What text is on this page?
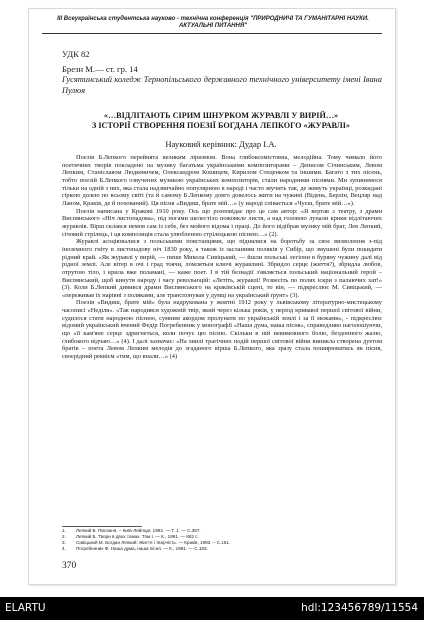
ІІІ Всеукраїнська студентська науково - технічна конференція "ПРИРОДНИЧІ ТА ГУМАНІТАРНІ НАУКИ.
АКТУАЛЬНІ ПИТАННЯ"
УДК 82
Брезн М.— ст. гр. 14
Гусятинський коледж Тернопільського державного технічного університету імені Івана Пулюя
«…ВІДЛІТАЮТЬ СІРИМ ШНУРКОМ ЖУРАВЛІ У ВИРІЙ…»
З ІСТОРІЇ СТВОРЕННЯ ПОЕЗІЇ БОГДАНА ЛЕПКОГО «ЖУРАВЛІ»
Науковий керівник: Дудар І.А.

Поезія Б.Лепкого перейнята великим ліризмом. Вона глибокоэмістовна, мелодійна. Тому чимало його поетичних творів покладено на музику багатьма українськими композиторами – Денисом Січинським, Левом Лепким, Станіславом Людкевичем, Олександром Кошицем, Кирилом Стеценком та іншими. Багато з тих пісень, тобто поезій Б.Лепкого озвучених музикою українських композиторів, стали народними піснями. Ми зупинимося тільки на одній з них, яка стала надзвичайно популярною в народі і часто звучить так, де живуть українці, розкидані гіркою долею по всьому світі (та й самому Б.Лепкому довго довелось жити на чужині (Відень, Берлін, Вецлар над Ланом, Краків, де й похований). Ця пісня «Видиш, брате мій…» (у народі співається «Чуєш, брате мій…»).

Поезія написана у Кракові 1910 року. Ось що розповідає про це сам автор: «Я вертав з театру, з драми Виспянського «Ніч листопадова», під ногами шелестіло пожовкле листя, а над головою лунали крики відлітаючих журавлів. Вірш склався немов сам із себе, без мойого відома і праці. До його підібрав музику мій брат, Лев Лепкий, січовий стрілець, і ця композиція стала улюбленою стрілецькою піснею…» (2).

Журавлі асоціювалися з польськими повстанцями, що піднялися на боротьбу за своє визволення з-під іноземного гніту в листопадову ніч 1830 року, а також із засланням поляків у Сибір, що змушені були покидати рідний край. «Як журавлі у вирій, — пише Микола Сивіцький, — йшли польські легіони в буряну чужину далі від рідної землі. Але вітер в очі і град тоячи, ломлятьєя ключі журавлині. Збридло серце (життя?), збридла любов, отрутою тіло, і крила вже поламані, — каже поет. І в тій безнадії з'являється польський національний герой – Виспянський, щоб кинути народу і часу револьюцій: «Летіть, журавлі! Розвесіть по полях іскри з палаючих хат!» (3). Коли Б.Лепкий дивився драми Виспянського на краківській сцені, то він, — підкреслює М. Сивіцький, — «переживав їх нарівні з поляками, але транспонував у думці на український ґрунт» (3).

Поезія «Видиш, брате мій» була надрукована у жовтні 1912 року у львівському літературно-мистецькому часописі «Неділя». «Так народився художній твір, який через кілька років, у період кривавої першої світової війни, судилося стати народною піснею, сумним акордом пролунати по українській землі і за її межами», - підкреслює відомий український вчений Федір Погребенник у монографії «Наша дума, наша пісня», справедливо наголошуючи, що «її кам'яне серце здригнеться, коли почує цю пісню. Скільки в ній невимовного болю, бездонного жалю, глибокого відчаю…» (4). І далі зазначає: «На хвилі трагічних подій першої світової війни виникла створена дуетом братів – поета Левом Лепким мелодія до згаданого вірша Б.Лепкого, яка зразу стала поширюватись як пісня, своєрідний реквієм «тим, що впали…» (4)

1.	Лепкий Б. Писання. – Київ-Лейпциг, 1992. — Т. 1. — С.387.
2.	Лепкий Б. Твори в двох томах. Том I. — К., 1991. — 862 с.
3.	Сивіцький М. Богдан Лепкий: Життя і творчість. — Краків, 1993. – С.161.
4.	Погребенник Ф. Наша дума, наша пісня. — К., 1991. — С.183.
370
ELARTU	hdl:123456789/11554
